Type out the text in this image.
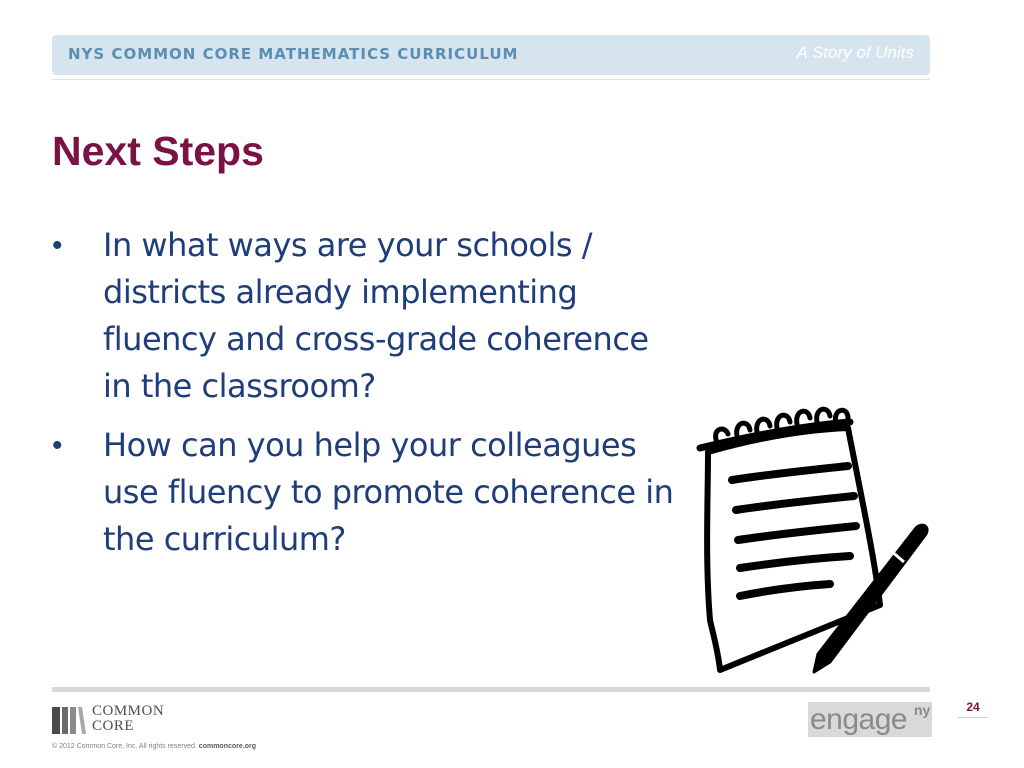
NYS COMMON CORE MATHEMATICS CURRICULUM	A Story of Units
Next Steps
• In what ways are your schools / districts already implementing fluency and cross-grade coherence in the classroom?
• How can you help your colleagues use fluency to promote coherence in the curriculum?
COMMON
CORE
© 2012 Common Core, Inc. All rights reserved. commoncore.org
engage ny	24
